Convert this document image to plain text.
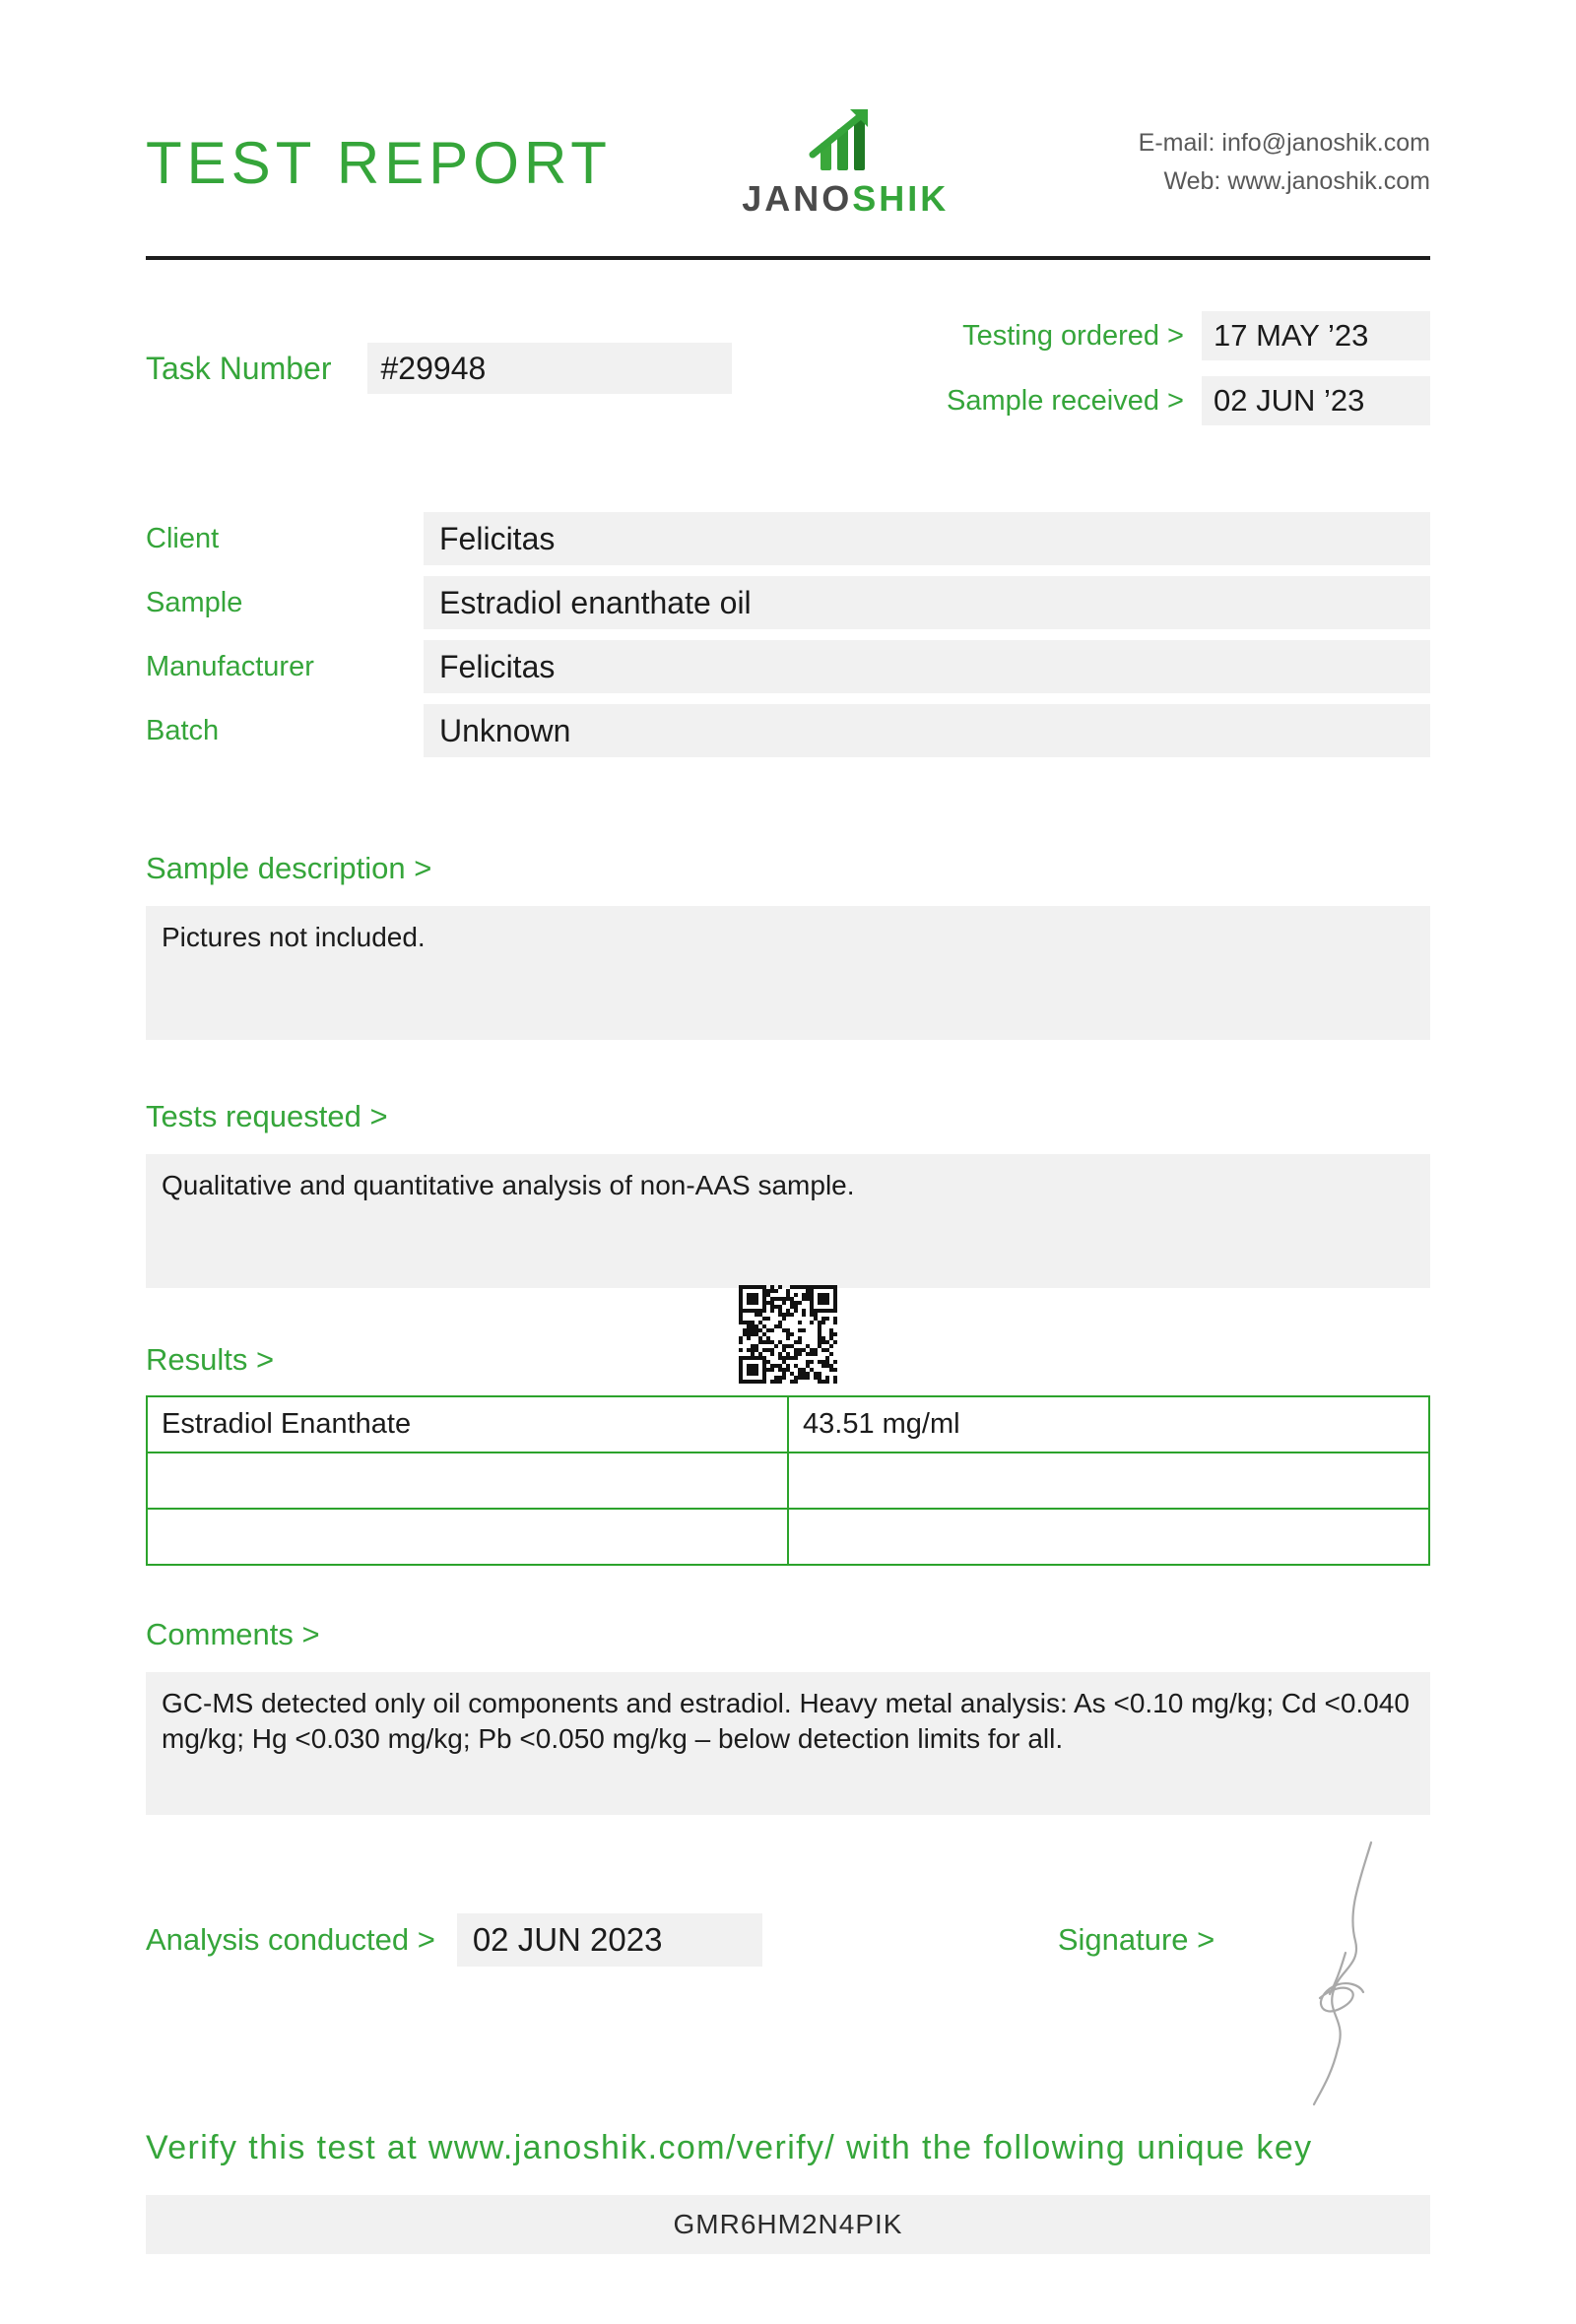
TEST REPORT
JANOSHIK
E-mail: info@janoshik.com
Web: www.janoshik.com
Task Number	#29948
Testing ordered > 17 MAY ’23
Sample received > 02 JUN ’23
Client	Felicitas
Sample	Estradiol enanthate oil
Manufacturer	Felicitas
Batch	Unknown
Sample description >
Pictures not included.
Tests requested >
Qualitative and quantitative analysis of non-AAS sample.
Results >
Estradiol Enanthate	43.51 mg/ml

Comments >
GC-MS detected only oil components and estradiol. Heavy metal analysis: As <0.10 mg/kg; Cd <0.040 mg/kg; Hg <0.030 mg/kg; Pb <0.050 mg/kg – below detection limits for all.
Analysis conducted >	02 JUN 2023	Signature >
Verify this test at www.janoshik.com/verify/ with the following unique key
GMR6HM2N4PIK
